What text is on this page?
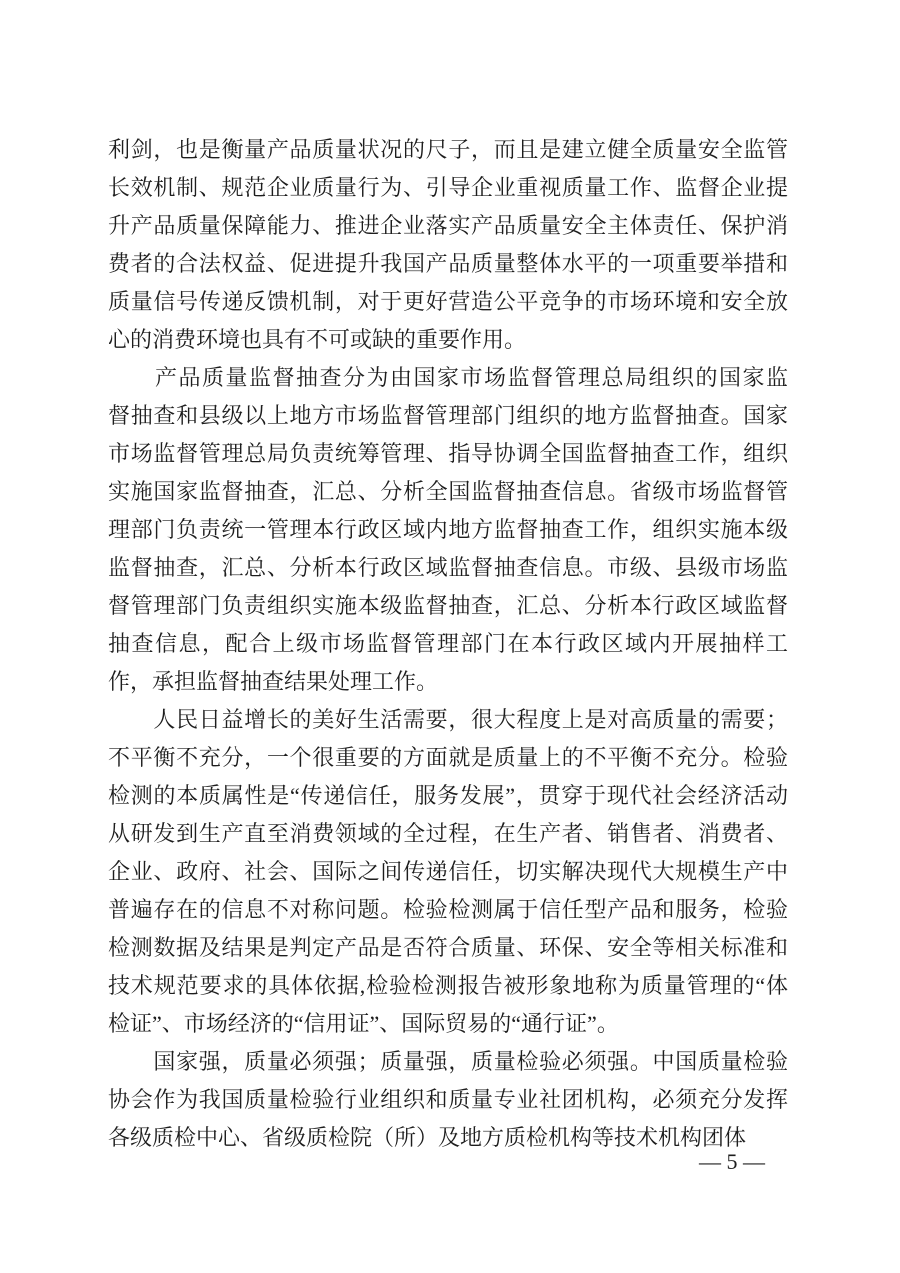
利剑，也是衡量产品质量状况的尺子，而且是建立健全质量安全监管
长效机制、规范企业质量行为、引导企业重视质量工作、监督企业提
升产品质量保障能力、推进企业落实产品质量安全主体责任、保护消
费者的合法权益、促进提升我国产品质量整体水平的一项重要举措和
质量信号传递反馈机制，对于更好营造公平竞争的市场环境和安全放
心的消费环境也具有不可或缺的重要作用。
　　产品质量监督抽查分为由国家市场监督管理总局组织的国家监
督抽查和县级以上地方市场监督管理部门组织的地方监督抽查。国家
市场监督管理总局负责统筹管理、指导协调全国监督抽查工作，组织
实施国家监督抽查，汇总、分析全国监督抽查信息。省级市场监督管
理部门负责统一管理本行政区域内地方监督抽查工作，组织实施本级
监督抽查，汇总、分析本行政区域监督抽查信息。市级、县级市场监
督管理部门负责组织实施本级监督抽查，汇总、分析本行政区域监督
抽查信息，配合上级市场监督管理部门在本行政区域内开展抽样工
作，承担监督抽查结果处理工作。
　　人民日益增长的美好生活需要，很大程度上是对高质量的需要；
不平衡不充分，一个很重要的方面就是质量上的不平衡不充分。检验
检测的本质属性是“传递信任，服务发展”，贯穿于现代社会经济活动
从研发到生产直至消费领域的全过程，在生产者、销售者、消费者、
企业、政府、社会、国际之间传递信任，切实解决现代大规模生产中
普遍存在的信息不对称问题。检验检测属于信任型产品和服务，检验
检测数据及结果是判定产品是否符合质量、环保、安全等相关标准和
技术规范要求的具体依据,检验检测报告被形象地称为质量管理的“体
检证”、市场经济的“信用证”、国际贸易的“通行证”。
　　国家强，质量必须强；质量强，质量检验必须强。中国质量检验
协会作为我国质量检验行业组织和质量专业社团机构，必须充分发挥
各级质检中心、省级质检院（所）及地方质检机构等技术机构团体
— 5 —
